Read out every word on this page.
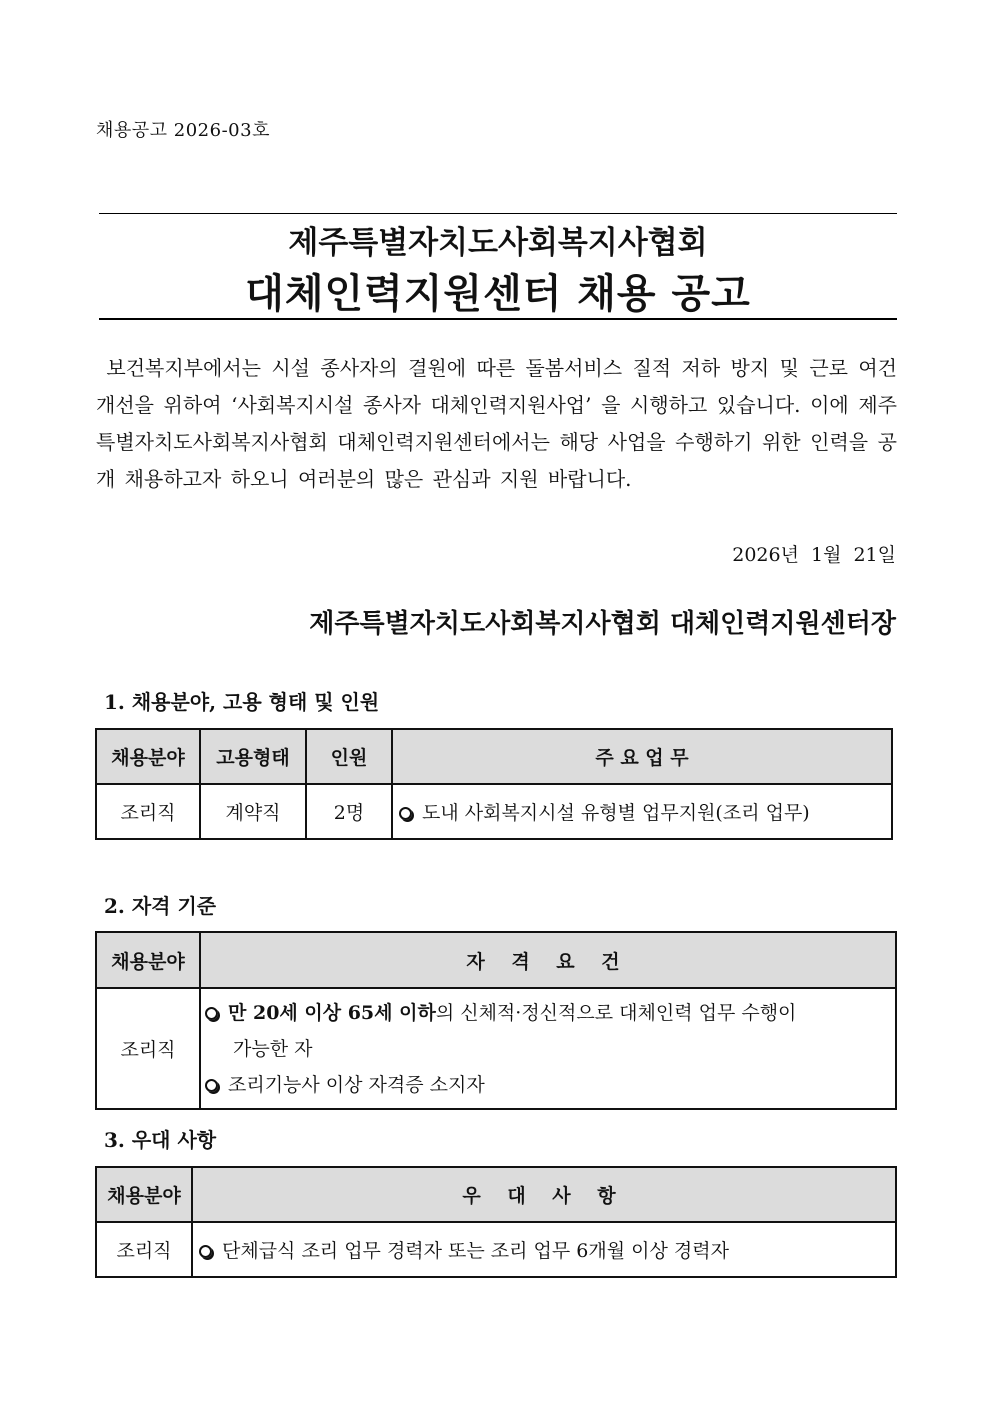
채용공고 2026-03호
제주특별자치도사회복지사협회
대체인력지원센터 채용 공고
보건복지부에서는 시설 종사자의 결원에 따른 돌봄서비스 질적 저하 방지 및 근로 여건 개선을 위하여 ‘사회복지시설 종사자 대체인력지원사업’ 을 시행하고 있습니다. 이에 제주특별자치도사회복지사협회 대체인력지원센터에서는 해당 사업을 수행하기 위한 인력을 공개 채용하고자 하오니 여러분의 많은 관심과 지원 바랍니다.
2026년 1월 21일
제주특별자치도사회복지사협회 대체인력지원센터장
1. 채용분야, 고용 형태 및 인원
채용분야	고용형태	인원	주 요 업 무
조리직	계약직	2명	도내 사회복지시설 유형별 업무지원(조리 업무)
2. 자격 기준
채용분야	자 격 요 건
조리직	만 20세 이상 65세 이하의 신체적·정신적으로 대체인력 업무 수행이
가능한 자
조리기능사 이상 자격증 소지자
3. 우대 사항
채용분야	우 대 사 항
조리직	단체급식 조리 업무 경력자 또는 조리 업무 6개월 이상 경력자
